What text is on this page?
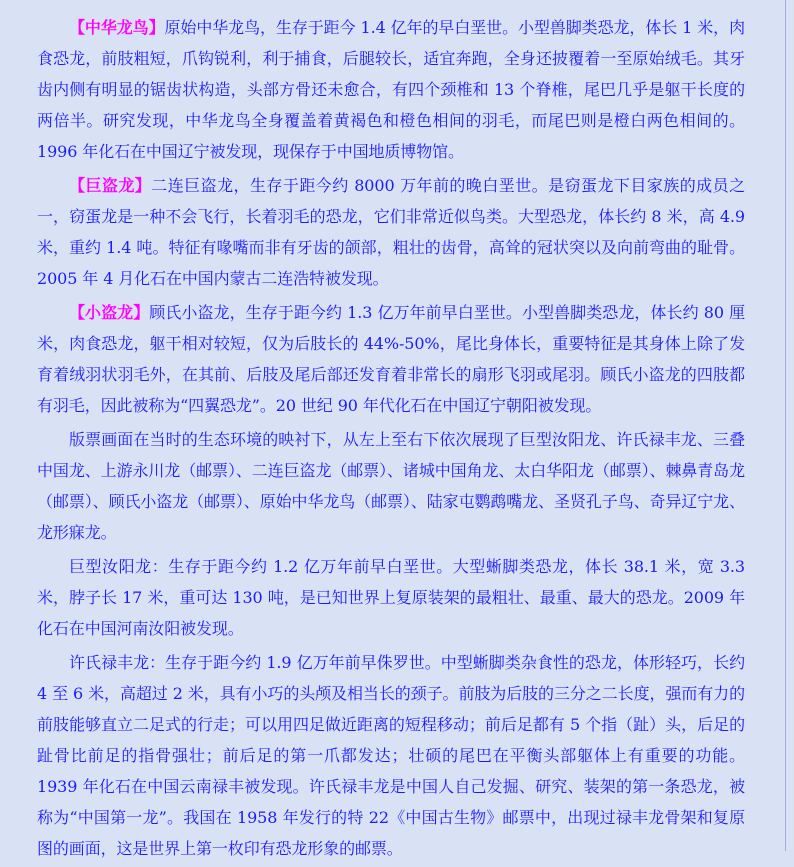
【中华龙鸟】原始中华龙鸟，生存于距今 1.4 亿年的早白垩世。小型兽脚类恐龙，体长 1 米，肉食恐龙，前肢粗短，爪钩锐利，利于捕食，后腿较长，适宜奔跑，全身还披覆着一至原始绒毛。其牙齿内侧有明显的锯齿状构造，头部方骨还未愈合，有四个颈椎和 13 个脊椎，尾巴几乎是躯干长度的两倍半。研究发现，中华龙鸟全身覆盖着黄褐色和橙色相间的羽毛，而尾巴则是橙白两色相间的。1996 年化石在中国辽宁被发现，现保存于中国地质博物馆。

【巨盗龙】二连巨盗龙，生存于距今约 8000 万年前的晚白垩世。是窃蛋龙下目家族的成员之一，窃蛋龙是一种不会飞行，长着羽毛的恐龙，它们非常近似鸟类。大型恐龙，体长约 8 米，高 4.9 米，重约 1.4 吨。特征有喙嘴而非有牙齿的颌部，粗壮的齿骨，高耸的冠状突以及向前弯曲的耻骨。2005 年 4 月化石在中国内蒙古二连浩特被发现。

【小盗龙】顾氏小盗龙，生存于距今约 1.3 亿万年前早白垩世。小型兽脚类恐龙，体长约 80 厘米，肉食恐龙，躯干相对较短，仅为后肢长的 44%-50%，尾比身体长，重要特征是其身体上除了发育着绒羽状羽毛外，在其前、后肢及尾后部还发育着非常长的扇形飞羽或尾羽。顾氏小盗龙的四肢都有羽毛，因此被称为“四翼恐龙”。20 世纪 90 年代化石在中国辽宁朝阳被发现。

版票画面在当时的生态环境的映衬下，从左上至右下依次展现了巨型汝阳龙、许氏禄丰龙、三叠中国龙、上游永川龙（邮票）、二连巨盗龙（邮票）、诸城中国角龙、太白华阳龙（邮票）、棘鼻青岛龙（邮票）、顾氏小盗龙（邮票）、原始中华龙鸟（邮票）、陆家屯鹦鹉嘴龙、圣贤孔子鸟、奇异辽宁龙、龙形寐龙。

巨型汝阳龙：生存于距今约 1.2 亿万年前早白垩世。大型蜥脚类恐龙，体长 38.1 米，宽 3.3 米，脖子长 17 米，重可达 130 吨，是已知世界上复原装架的最粗壮、最重、最大的恐龙。2009 年化石在中国河南汝阳被发现。

许氏禄丰龙：生存于距今约 1.9 亿万年前早侏罗世。中型蜥脚类杂食性的恐龙，体形轻巧，长约 4 至 6 米，高超过 2 米，具有小巧的头颅及相当长的颈子。前肢为后肢的三分之二长度，强而有力的前肢能够直立二足式的行走；可以用四足做近距离的短程移动；前后足都有 5 个指（趾）头，后足的趾骨比前足的指骨强壮；前后足的第一爪都发达；壮硕的尾巴在平衡头部躯体上有重要的功能。1939 年化石在中国云南禄丰被发现。许氏禄丰龙是中国人自己发掘、研究、装架的第一条恐龙，被称为“中国第一龙”。我国在 1958 年发行的特 22《中国古生物》邮票中，出现过禄丰龙骨架和复原图的画面，这是世界上第一枚印有恐龙形象的邮票。
